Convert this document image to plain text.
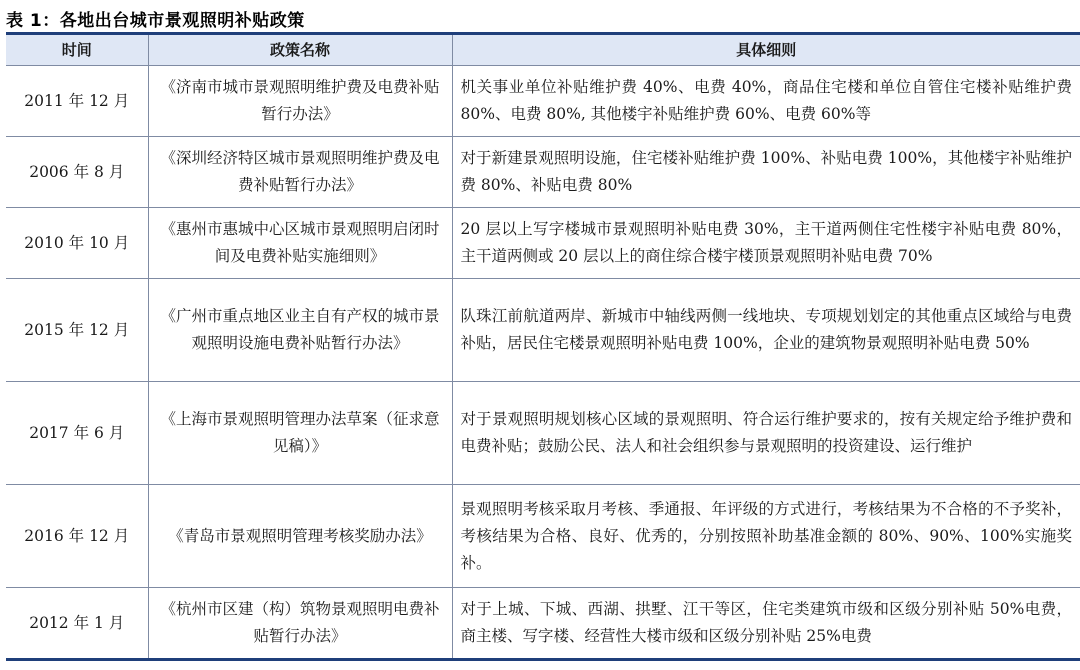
表 1：各地出台城市景观照明补贴政策
时间	政策名称	具体细则
2011 年 12 月	《济南市城市景观照明维护费及电费补贴暂行办法》	机关事业单位补贴维护费 40%、电费 40%，商品住宅楼和单位自管住宅楼补贴维护费 80%、电费 80%, 其他楼宇补贴维护费 60%、电费 60%等
2006 年 8 月	《深圳经济特区城市景观照明维护费及电费补贴暂行办法》	对于新建景观照明设施，住宅楼补贴维护费 100%、补贴电费 100%，其他楼宇补贴维护费 80%、补贴电费 80%
2010 年 10 月	《惠州市惠城中心区城市景观照明启闭时间及电费补贴实施细则》	20 层以上写字楼城市景观照明补贴电费 30%，主干道两侧住宅性楼宇补贴电费 80%，主干道两侧或 20 层以上的商住综合楼宇楼顶景观照明补贴电费 70%
2015 年 12 月	《广州市重点地区业主自有产权的城市景观照明设施电费补贴暂行办法》	队珠江前航道两岸、新城市中轴线两侧一线地块、专项规划划定的其他重点区域给与电费补贴，居民住宅楼景观照明补贴电费 100%，企业的建筑物景观照明补贴电费 50%
2017 年 6 月	《上海市景观照明管理办法草案（征求意见稿）》	对于景观照明规划核心区域的景观照明、符合运行维护要求的，按有关规定给予维护费和电费补贴；鼓励公民、法人和社会组织参与景观照明的投资建设、运行维护
2016 年 12 月	《青岛市景观照明管理考核奖励办法》	景观照明考核采取月考核、季通报、年评级的方式进行，考核结果为不合格的不予奖补，考核结果为合格、良好、优秀的，分别按照补助基准金额的 80%、90%、100%实施奖补。
2012 年 1 月	《杭州市区建（构）筑物景观照明电费补贴暂行办法》	对于上城、下城、西湖、拱墅、江干等区，住宅类建筑市级和区级分别补贴 50%电费，商主楼、写字楼、经营性大楼市级和区级分别补贴 25%电费
